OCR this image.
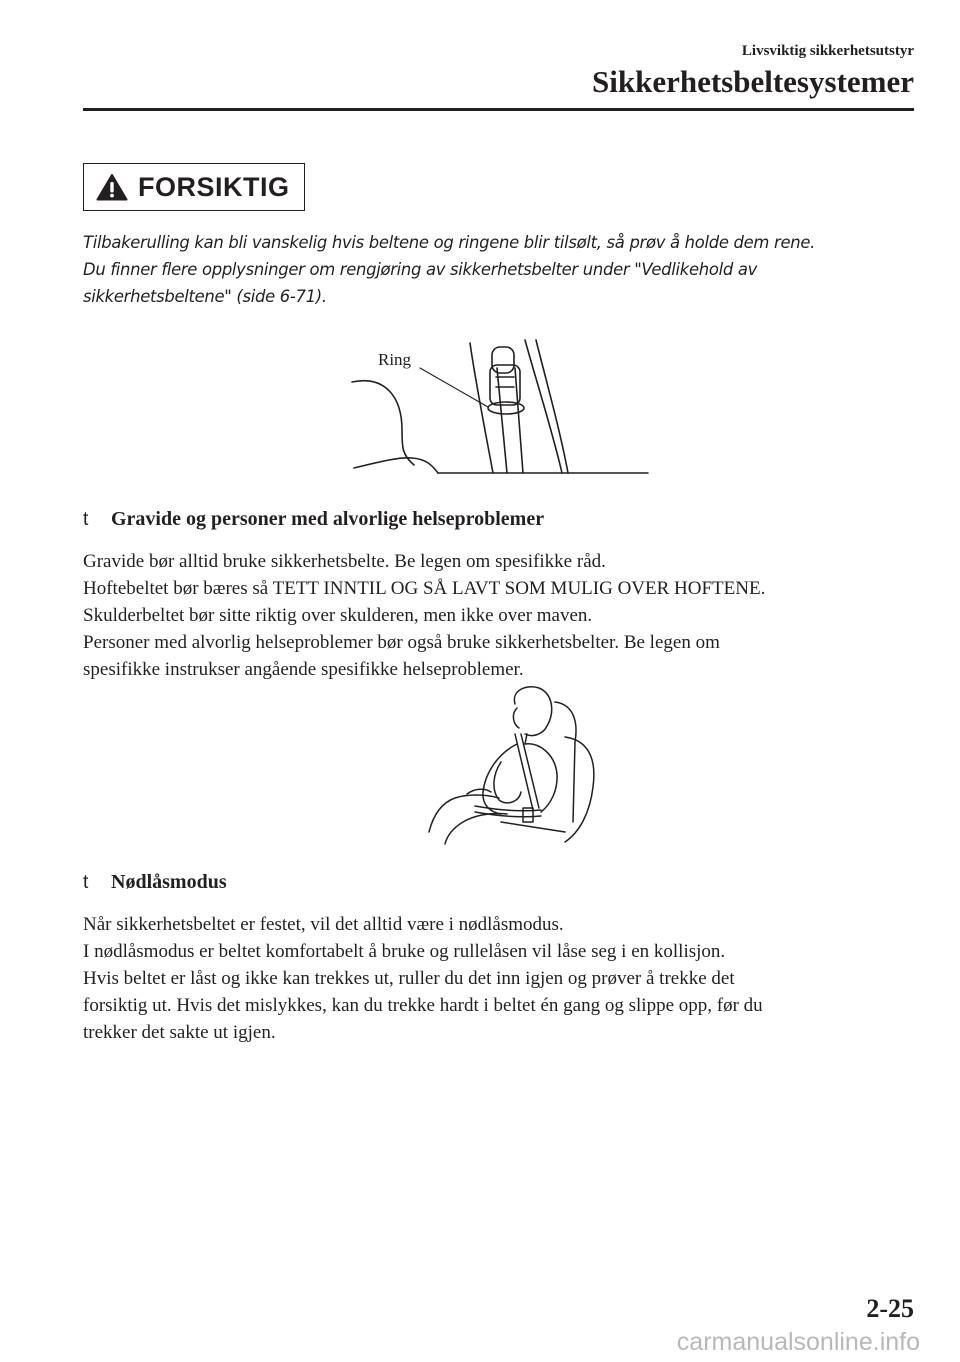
Livsviktig sikkerhetsutstyr
Sikkerhetsbeltesystemer
FORSIKTIG

Tilbakerulling kan bli vanskelig hvis beltene og ringene blir tilsølt, så prøv å holde dem rene.

Du finner flere opplysninger om rengjøring av sikkerhetsbelter under "Vedlikehold av

sikkerhetsbeltene" (side 6-71).

Ring
t	Gravide og personer med alvorlige helseproblemer

Gravide bør alltid bruke sikkerhetsbelte. Be legen om spesifikke råd.

Hoftebeltet bør bæres så TETT INNTIL OG SÅ LAVT SOM MULIG OVER HOFTENE.

Skulderbeltet bør sitte riktig over skulderen, men ikke over maven.

Personer med alvorlig helseproblemer bør også bruke sikkerhetsbelter. Be legen om

spesifikke instrukser angående spesifikke helseproblemer.

t	Nødlåsmodus

Når sikkerhetsbeltet er festet, vil det alltid være i nødlåsmodus.

I nødlåsmodus er beltet komfortabelt å bruke og rullelåsen vil låse seg i en kollisjon.

Hvis beltet er låst og ikke kan trekkes ut, ruller du det inn igjen og prøver å trekke det

forsiktig ut. Hvis det mislykkes, kan du trekke hardt i beltet én gang og slippe opp, før du

trekker det sakte ut igjen.

2-25
carmanualsonline.info
